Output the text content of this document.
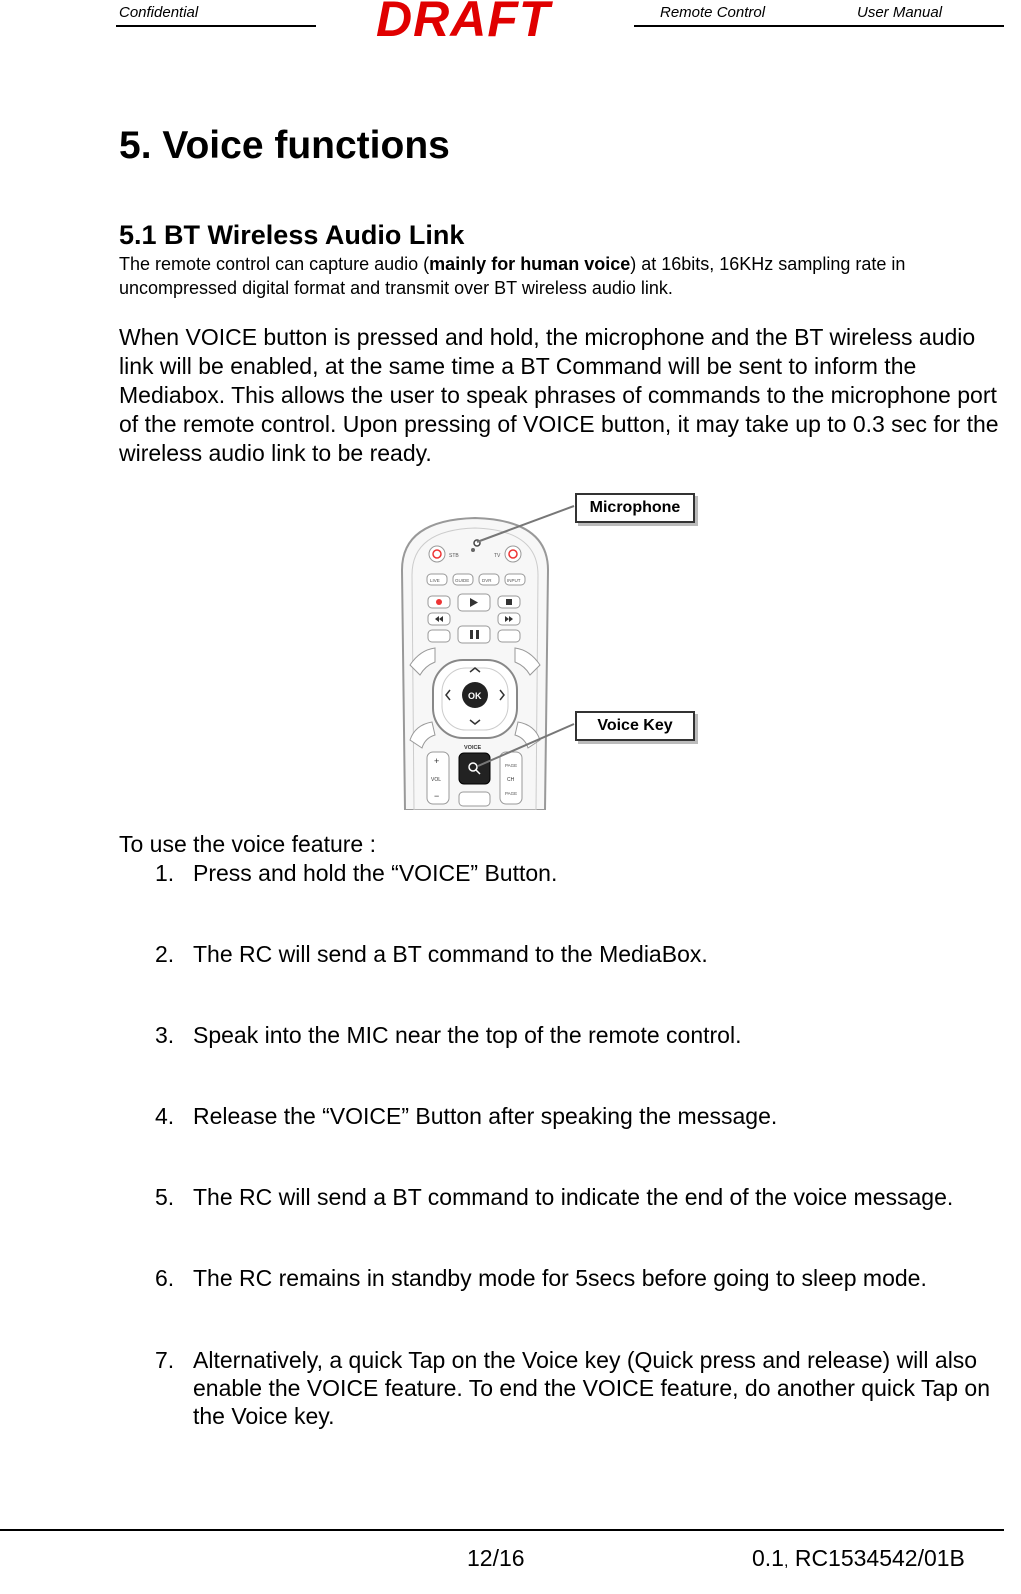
Confidential	DRAFT	Remote Control	User Manual
5. Voice functions
5.1 BT Wireless Audio Link
The remote control can capture audio (mainly for human voice) at 16bits, 16KHz sampling rate in uncompressed digital format and transmit over BT wireless audio link.
When VOICE button is pressed and hold, the microphone and the BT wireless audio link will be enabled, at the same time a BT Command will be sent to inform the Mediabox. This allows the user to speak phrases of commands to the microphone port of the remote control. Upon pressing of VOICE button, it may take up to 0.3 sec for the wireless audio link to be ready.
STB	TV
LIVE	GUIDE	DVR	INPUT
OK
VOICE
+
VOL
−
PAGE
CH
PAGE
Microphone
Voice Key
To use the voice feature :
1. Press and hold the “VOICE” Button.
2. The RC will send a BT command to the MediaBox.
3. Speak into the MIC near the top of the remote control.
4. Release the “VOICE” Button after speaking the message.
5. The RC will send a BT command to indicate the end of the voice message.
6. The RC remains in standby mode for 5secs before going to sleep mode.
7. Alternatively, a quick Tap on the Voice key (Quick press and release) will also enable the VOICE feature. To end the VOICE feature, do another quick Tap on the Voice key.
12/16	0.1, RC1534542/01B
